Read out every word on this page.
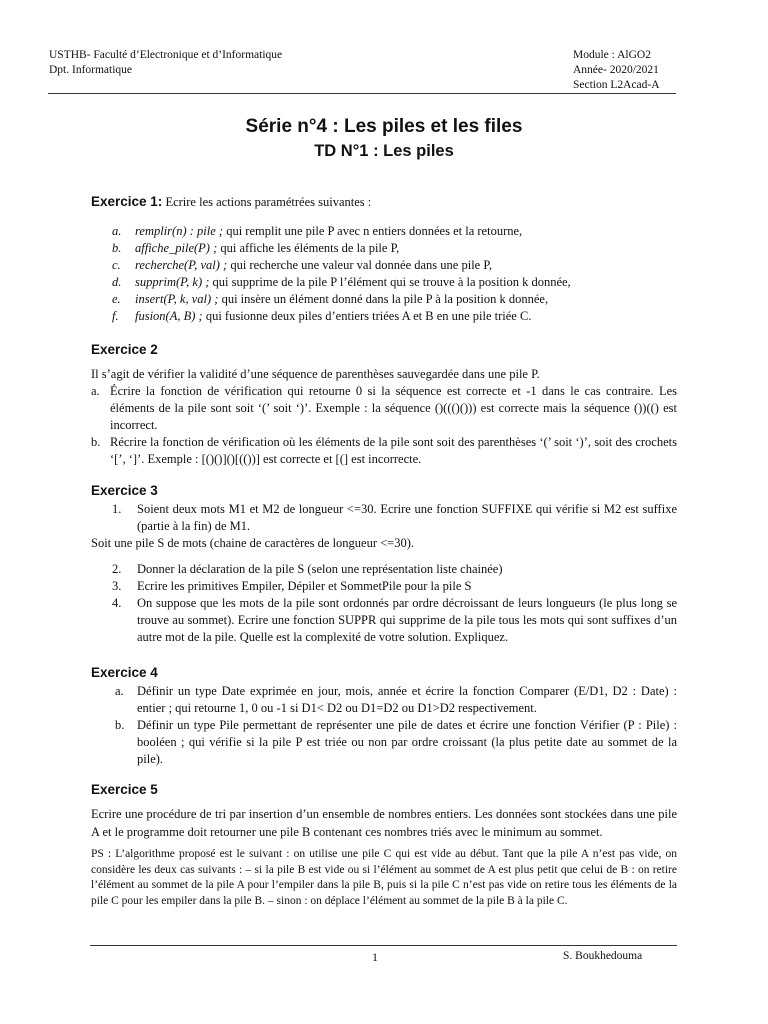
USTHB- Faculté d’Electronique et d’Informatique
Dpt. Informatique
Module : AlGO2
Année- 2020/2021
Section L2Acad-A
Série n°4 : Les piles et les files
TD N°1 : Les piles
Exercice 1: Ecrire les actions paramétrées suivantes :
a. remplir(n) : pile ; qui remplit une pile P avec n entiers données et la retourne,
b. affiche_pile(P) ; qui affiche les éléments de la pile P,
c. recherche(P, val) ; qui recherche une valeur val donnée dans une pile P,
d. supprim(P, k) ; qui supprime de la pile P l’élément qui se trouve à la position k donnée,
e. insert(P, k, val) ; qui insère un élément donné dans la pile P à la position k donnée,
f. fusion(A, B) ; qui fusionne deux piles d’entiers triées A et B en une pile triée C.
Exercice 2
Il s’agit de vérifier la validité d’une séquence de parenthèses sauvegardée dans une pile P.
a. Écrire la fonction de vérification qui retourne 0 si la séquence est correcte et -1 dans le cas contraire. Les éléments de la pile sont soit ‘(’ soit ‘)’. Exemple : la séquence ()((()())) est correcte mais la séquence ())(() est incorrect.
b. Récrire la fonction de vérification où les éléments de la pile sont soit des parenthèses ‘(’ soit ‘)’, soit des crochets ‘[’, ‘]’. Exemple : [()()]()[(())] est correcte et [(] est incorrecte.
Exercice 3
1. Soient deux mots M1 et M2 de longueur <=30. Ecrire une fonction SUFFIXE qui vérifie si M2 est suffixe (partie à la fin) de M1.
Soit une pile S de mots (chaine de caractères de longueur <=30).
2. Donner la déclaration de la pile S (selon une représentation liste chainée)
3. Ecrire les primitives Empiler, Dépiler et SommetPile pour la pile S
4. On suppose que les mots de la pile sont ordonnés par ordre décroissant de leurs longueurs (le plus long se trouve au sommet). Ecrire une fonction SUPPR qui supprime de la pile tous les mots qui sont suffixes d’un autre mot de la pile. Quelle est la complexité de votre solution. Expliquez.
Exercice 4
a. Définir un type Date exprimée en jour, mois, année et écrire la fonction Comparer (E/D1, D2 : Date) : entier ; qui retourne 1, 0 ou -1 si D1< D2 ou D1=D2 ou D1>D2 respectivement.
b. Définir un type Pile permettant de représenter une pile de dates et écrire une fonction Vérifier (P : Pile) : booléen ; qui vérifie si la pile P est triée ou non par ordre croissant (la plus petite date au sommet de la pile).
Exercice 5
Ecrire une procédure de tri par insertion d’un ensemble de nombres entiers. Les données sont stockées dans une pile A et le programme doit retourner une pile B contenant ces nombres triés avec le minimum au sommet.
PS : L’algorithme proposé est le suivant : on utilise une pile C qui est vide au début. Tant que la pile A n’est pas vide, on considère les deux cas suivants : – si la pile B est vide ou si l’élément au sommet de A est plus petit que celui de B : on retire l’élément au sommet de la pile A pour l’empiler dans la pile B, puis si la pile C n’est pas vide on retire tous les éléments de la pile C pour les empiler dans la pile B. – sinon : on déplace l’élément au sommet de la pile B à la pile C.
1	S. Boukhedouma
